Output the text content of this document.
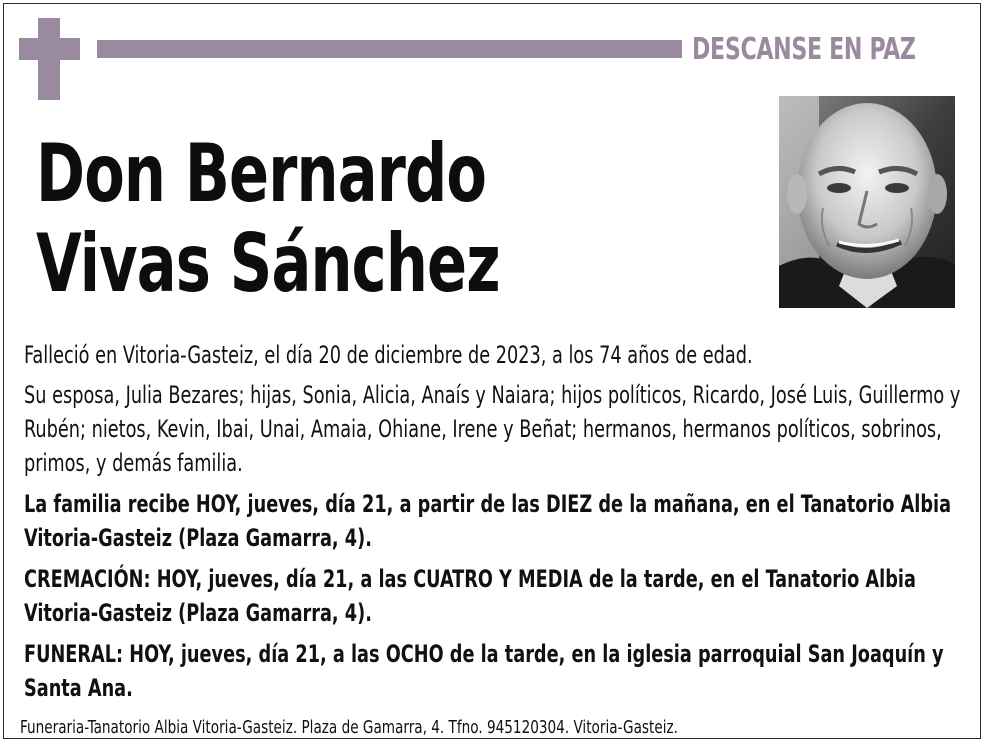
DESCANSE EN PAZ
Don Bernardo
Vivas Sánchez

Falleció en Vitoria-Gasteiz, el día 20 de diciembre de 2023, a los 74 años de edad.

Su esposa, Julia Bezares; hijas, Sonia, Alicia, Anaís y Naiara; hijos políticos, Ricardo, José Luis, Guillermo y Rubén; nietos, Kevin, Ibai, Unai, Amaia, Ohiane, Irene y Beñat; hermanos, hermanos políticos, sobrinos, primos, y demás familia.

La familia recibe HOY, jueves, día 21, a partir de las DIEZ de la mañana, en el Tanatorio Albia Vitoria-Gasteiz (Plaza Gamarra, 4).

CREMACIÓN: HOY, jueves, día 21, a las CUATRO Y MEDIA de la tarde, en el Tanatorio Albia Vitoria-Gasteiz (Plaza Gamarra, 4).

FUNERAL: HOY, jueves, día 21, a las OCHO de la tarde, en la iglesia parroquial San Joaquín y Santa Ana.

Funeraria-Tanatorio Albia Vitoria-Gasteiz. Plaza de Gamarra, 4. Tfno. 945120304. Vitoria-Gasteiz.
